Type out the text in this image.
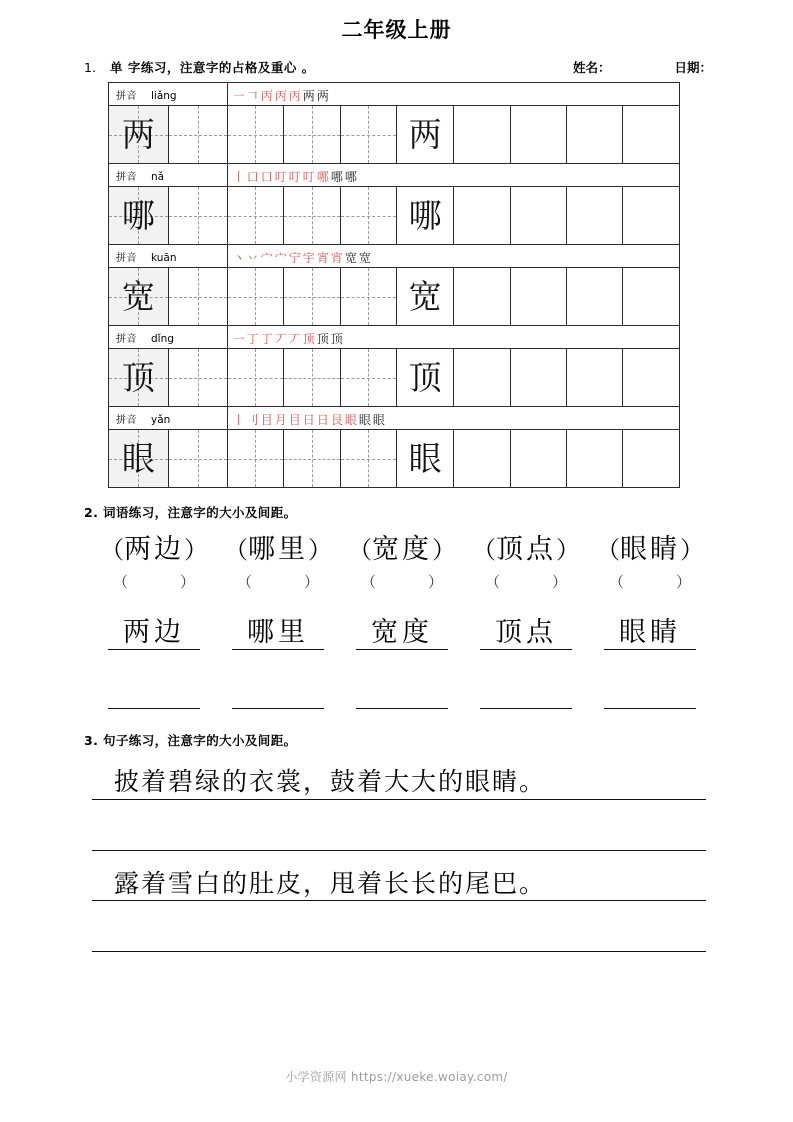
二年级上册
1.	单 字练习，注意字的占格及重心 。	姓名：	日期：
拼音 liǎng		一𠃍丙丙丙两两							
两					两				
拼音 nǎ		丨口口叮叮叮哪哪哪							
哪					哪				
拼音 kuān		丶丷宀宀宁宇宵宵宽宽							
宽					宽				
拼音 dǐng		一丁丁丆丆顶顶顶							
顶					顶				
拼音 yǎn		丨刂目月目日日艮眼眼眼							
眼					眼				
2. 词语练习，注意字的大小及间距。
（两边） （哪里） （宽度） （顶点） （眼睛）
（	）	（	）	（	）	（	）	（	）
两边	哪里	宽度	顶点	眼睛
3. 句子练习，注意字的大小及间距。
披着碧绿的衣裳，鼓着大大的眼睛。
露着雪白的肚皮，甩着长长的尾巴。
小学资源网 https://xueke.woiay.com/
